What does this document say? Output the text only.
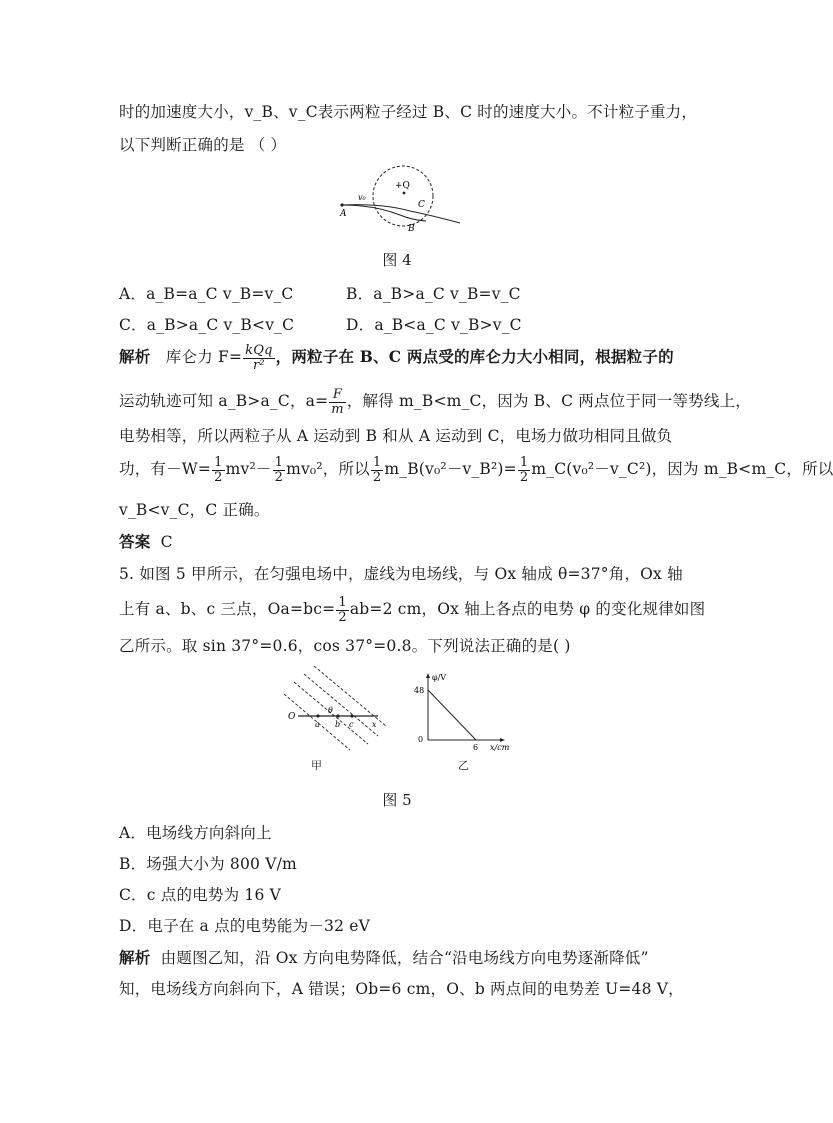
时的加速度大小，v_B、v_C表示两粒子经过 B、C 时的速度大小。不计粒子重力，
以下判断正确的是 （ ）
A
v₀
+Q
C
B
图 4
A．a_B=a_C v_B=v_C	B．a_B>a_C v_B=v_C
C．a_B>a_C v_B<v_C	D．a_B<a_C v_B>v_C
解析 库仑力 $F= \frac{\text{kQq}}{\text{r²}}$ ，两粒子在 B、C 两点受的库仑力大小相同，根据粒子的
运动轨迹可知 a_B>a_C，$a= \frac{F}{m}$ ，解得 m_B<m_C，因为 B、C 两点位于同一等势线上，
电势相等，所以两粒子从 A 运动到 B 和从 A 运动到 C，电场力做功相同且做负
功，有$-W= \frac{1}{2} mv^2- \frac{1}{2} mv_0^2$，所以 $\frac{1}{2}$ m_B(v₀²－v_B²)= $\frac{1}{2}$ m_C(v₀²－v_C²)，因为 m_B<m_C，所以
v_B<v_C，C 正确。
答案 C
5. 如图 5 甲所示，在匀强电场中，虚线为电场线，与 Ox 轴成 θ=37°角，Ox 轴
上有 a、b、c 三点，$Oa=bc= \frac{1}{2} ab=2$ cm，Ox 轴上各点的电势 φ 的变化规律如图
乙所示。取 sin 37°=0.6，cos 37°=0.8。下列说法正确的是( )
O
a
θ
b c x
甲
φ/V
48
0
6 x/cm
乙
图 5
A．电场线方向斜向上
B．场强大小为 800 V/m
C．c 点的电势为 16 V
D．电子在 a 点的电势能为－32 eV
解析 由题图乙知，沿 Ox 方向电势降低，结合“沿电场线方向电势逐渐降低”
知，电场线方向斜向下，A 错误；Ob=6 cm，O、b 两点间的电势差 U=48 V，
